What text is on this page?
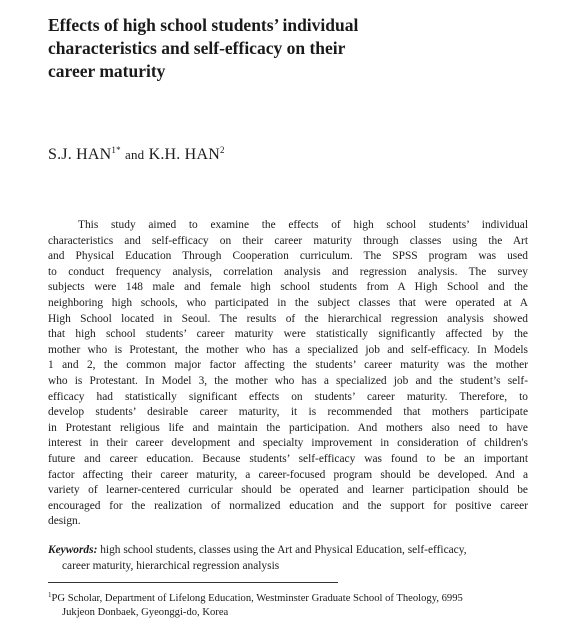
Effects of high school students’ individual
characteristics and self-efficacy on their
career maturity
S.J. $HAN^{1*}$ and K.H. HAN$^2$
This study aimed to examine the effects of high school students’ individual
characteristics and self-efficacy on their career maturity through classes using the Art
and Physical Education Through Cooperation curriculum. The SPSS program was used
to conduct frequency analysis, correlation analysis and regression analysis. The survey
subjects were 148 male and female high school students from A High School and the
neighboring high schools, who participated in the subject classes that were operated at A
High School located in Seoul. The results of the hierarchical regression analysis showed
that high school students’ career maturity were statistically significantly affected by the
mother who is Protestant, the mother who has a specialized job and self-efficacy. In Models
1 and 2, the common major factor affecting the students’ career maturity was the mother
who is Protestant. In Model 3, the mother who has a specialized job and the student’s self-
efficacy had statistically significant effects on students’ career maturity. Therefore, to
develop students’ desirable career maturity, it is recommended that mothers participate
in Protestant religious life and maintain the participation. And mothers also need to have
interest in their career development and specialty improvement in consideration of children's
future and career education. Because students’ self-efficacy was found to be an important
factor affecting their career maturity, a career-focused program should be developed. And a
variety of learner-centered curricular should be operated and learner participation should be
encouraged for the realization of normalized education and the support for positive career
design.
Keywords: high school students, classes using the Art and Physical Education, self-efficacy,
career maturity, hierarchical regression analysis
$^1$PG Scholar, Department of Lifelong Education, Westminster Graduate School of Theology, 6995
Jukjeon Donbaek, Gyeonggi-do, Korea
